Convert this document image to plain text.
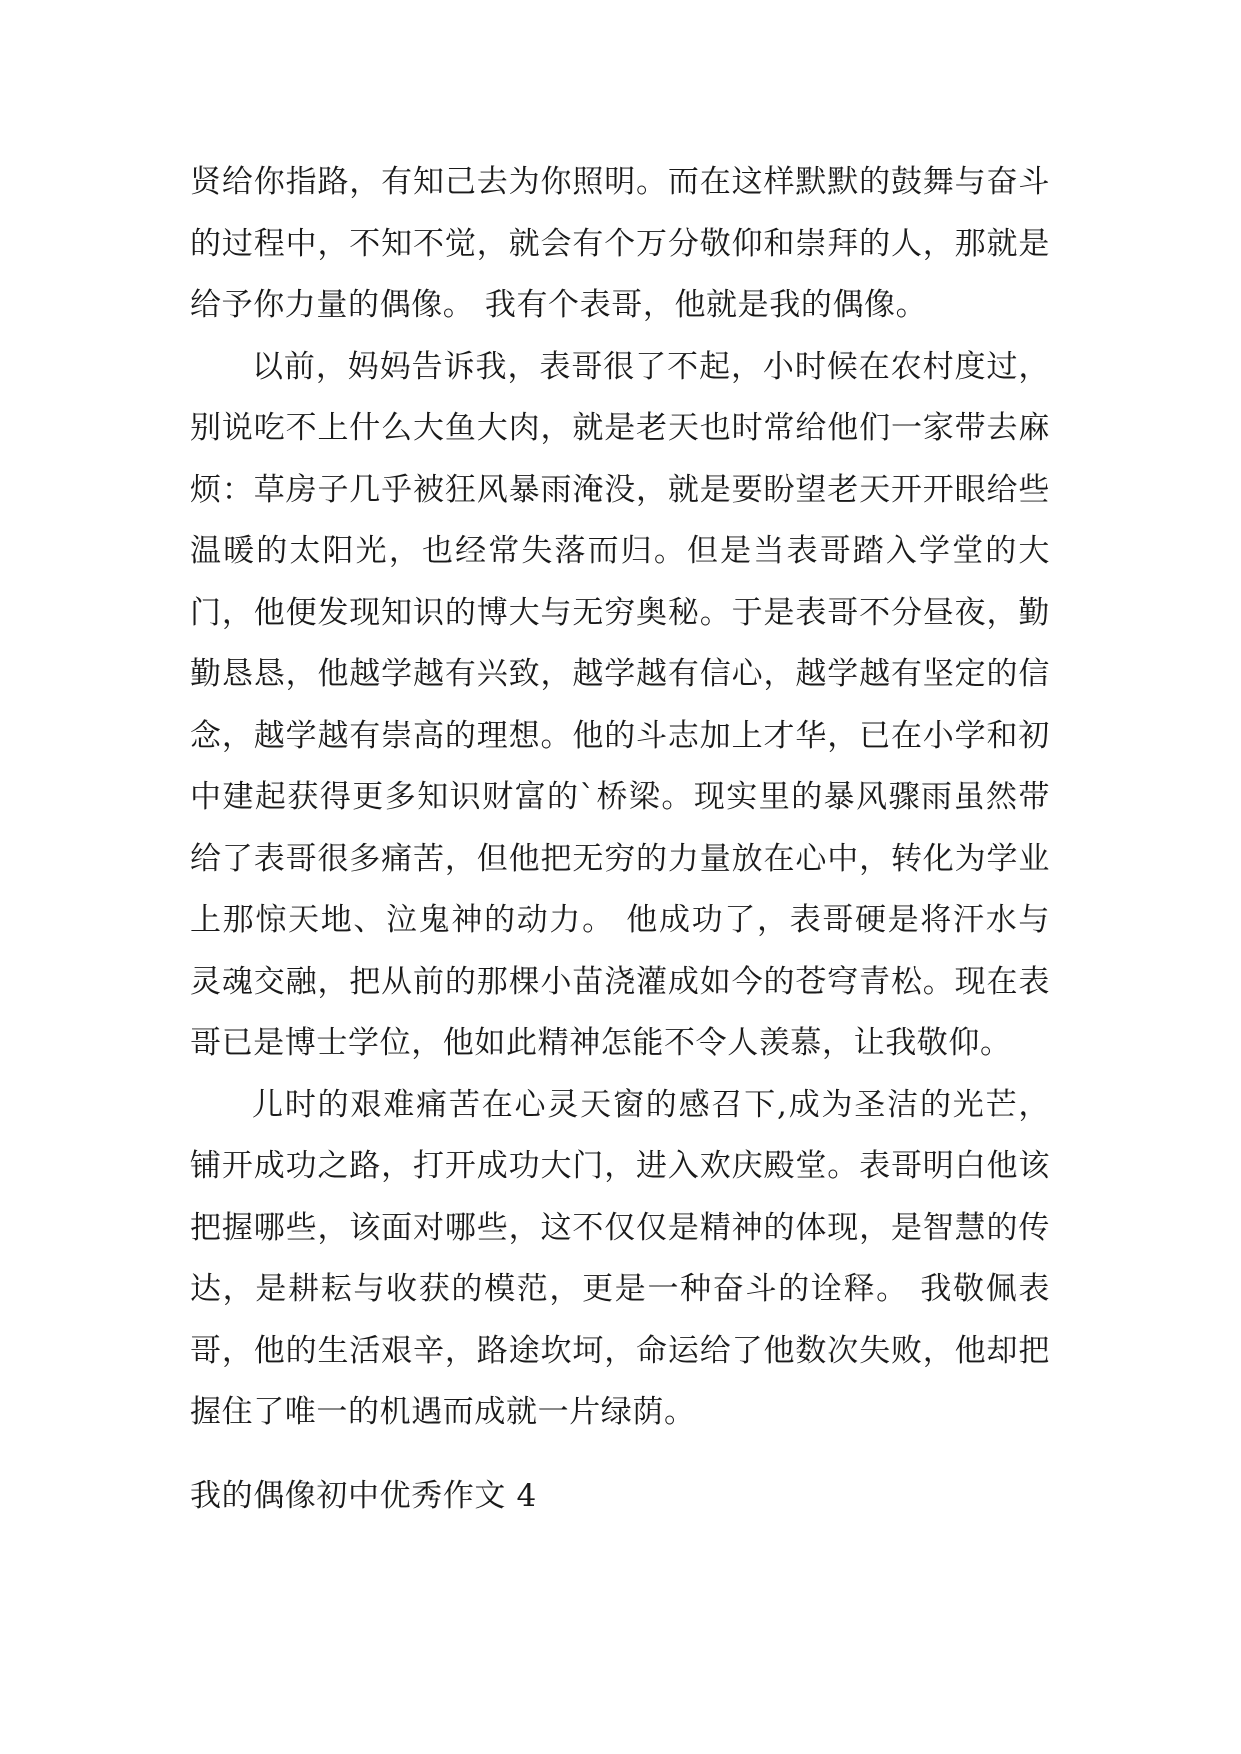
贤给你指路，有知己去为你照明。而在这样默默的鼓舞与奋斗的过程中，不知不觉，就会有个万分敬仰和崇拜的人，那就是给予你力量的偶像。 我有个表哥，他就是我的偶像。

以前，妈妈告诉我，表哥很了不起，小时候在农村度过，别说吃不上什么大鱼大肉，就是老天也时常给他们一家带去麻烦：草房子几乎被狂风暴雨淹没，就是要盼望老天开开眼给些温暖的太阳光，也经常失落而归。但是当表哥踏入学堂的大门，他便发现知识的博大与无穷奥秘。于是表哥不分昼夜，勤勤恳恳，他越学越有兴致，越学越有信心，越学越有坚定的信念，越学越有崇高的理想。他的斗志加上才华，已在小学和初中建起获得更多知识财富的`桥梁。现实里的暴风骤雨虽然带给了表哥很多痛苦，但他把无穷的力量放在心中，转化为学业上那惊天地、泣鬼神的动力。 他成功了，表哥硬是将汗水与灵魂交融，把从前的那棵小苗浇灌成如今的苍穹青松。现在表哥已是博士学位，他如此精神怎能不令人羡慕，让我敬仰。

儿时的艰难痛苦在心灵天窗的感召下,成为圣洁的光芒，铺开成功之路，打开成功大门，进入欢庆殿堂。表哥明白他该把握哪些，该面对哪些，这不仅仅是精神的体现，是智慧的传达，是耕耘与收获的模范，更是一种奋斗的诠释。 我敬佩表哥，他的生活艰辛，路途坎坷，命运给了他数次失败，他却把握住了唯一的机遇而成就一片绿荫。

我的偶像初中优秀作文 4
